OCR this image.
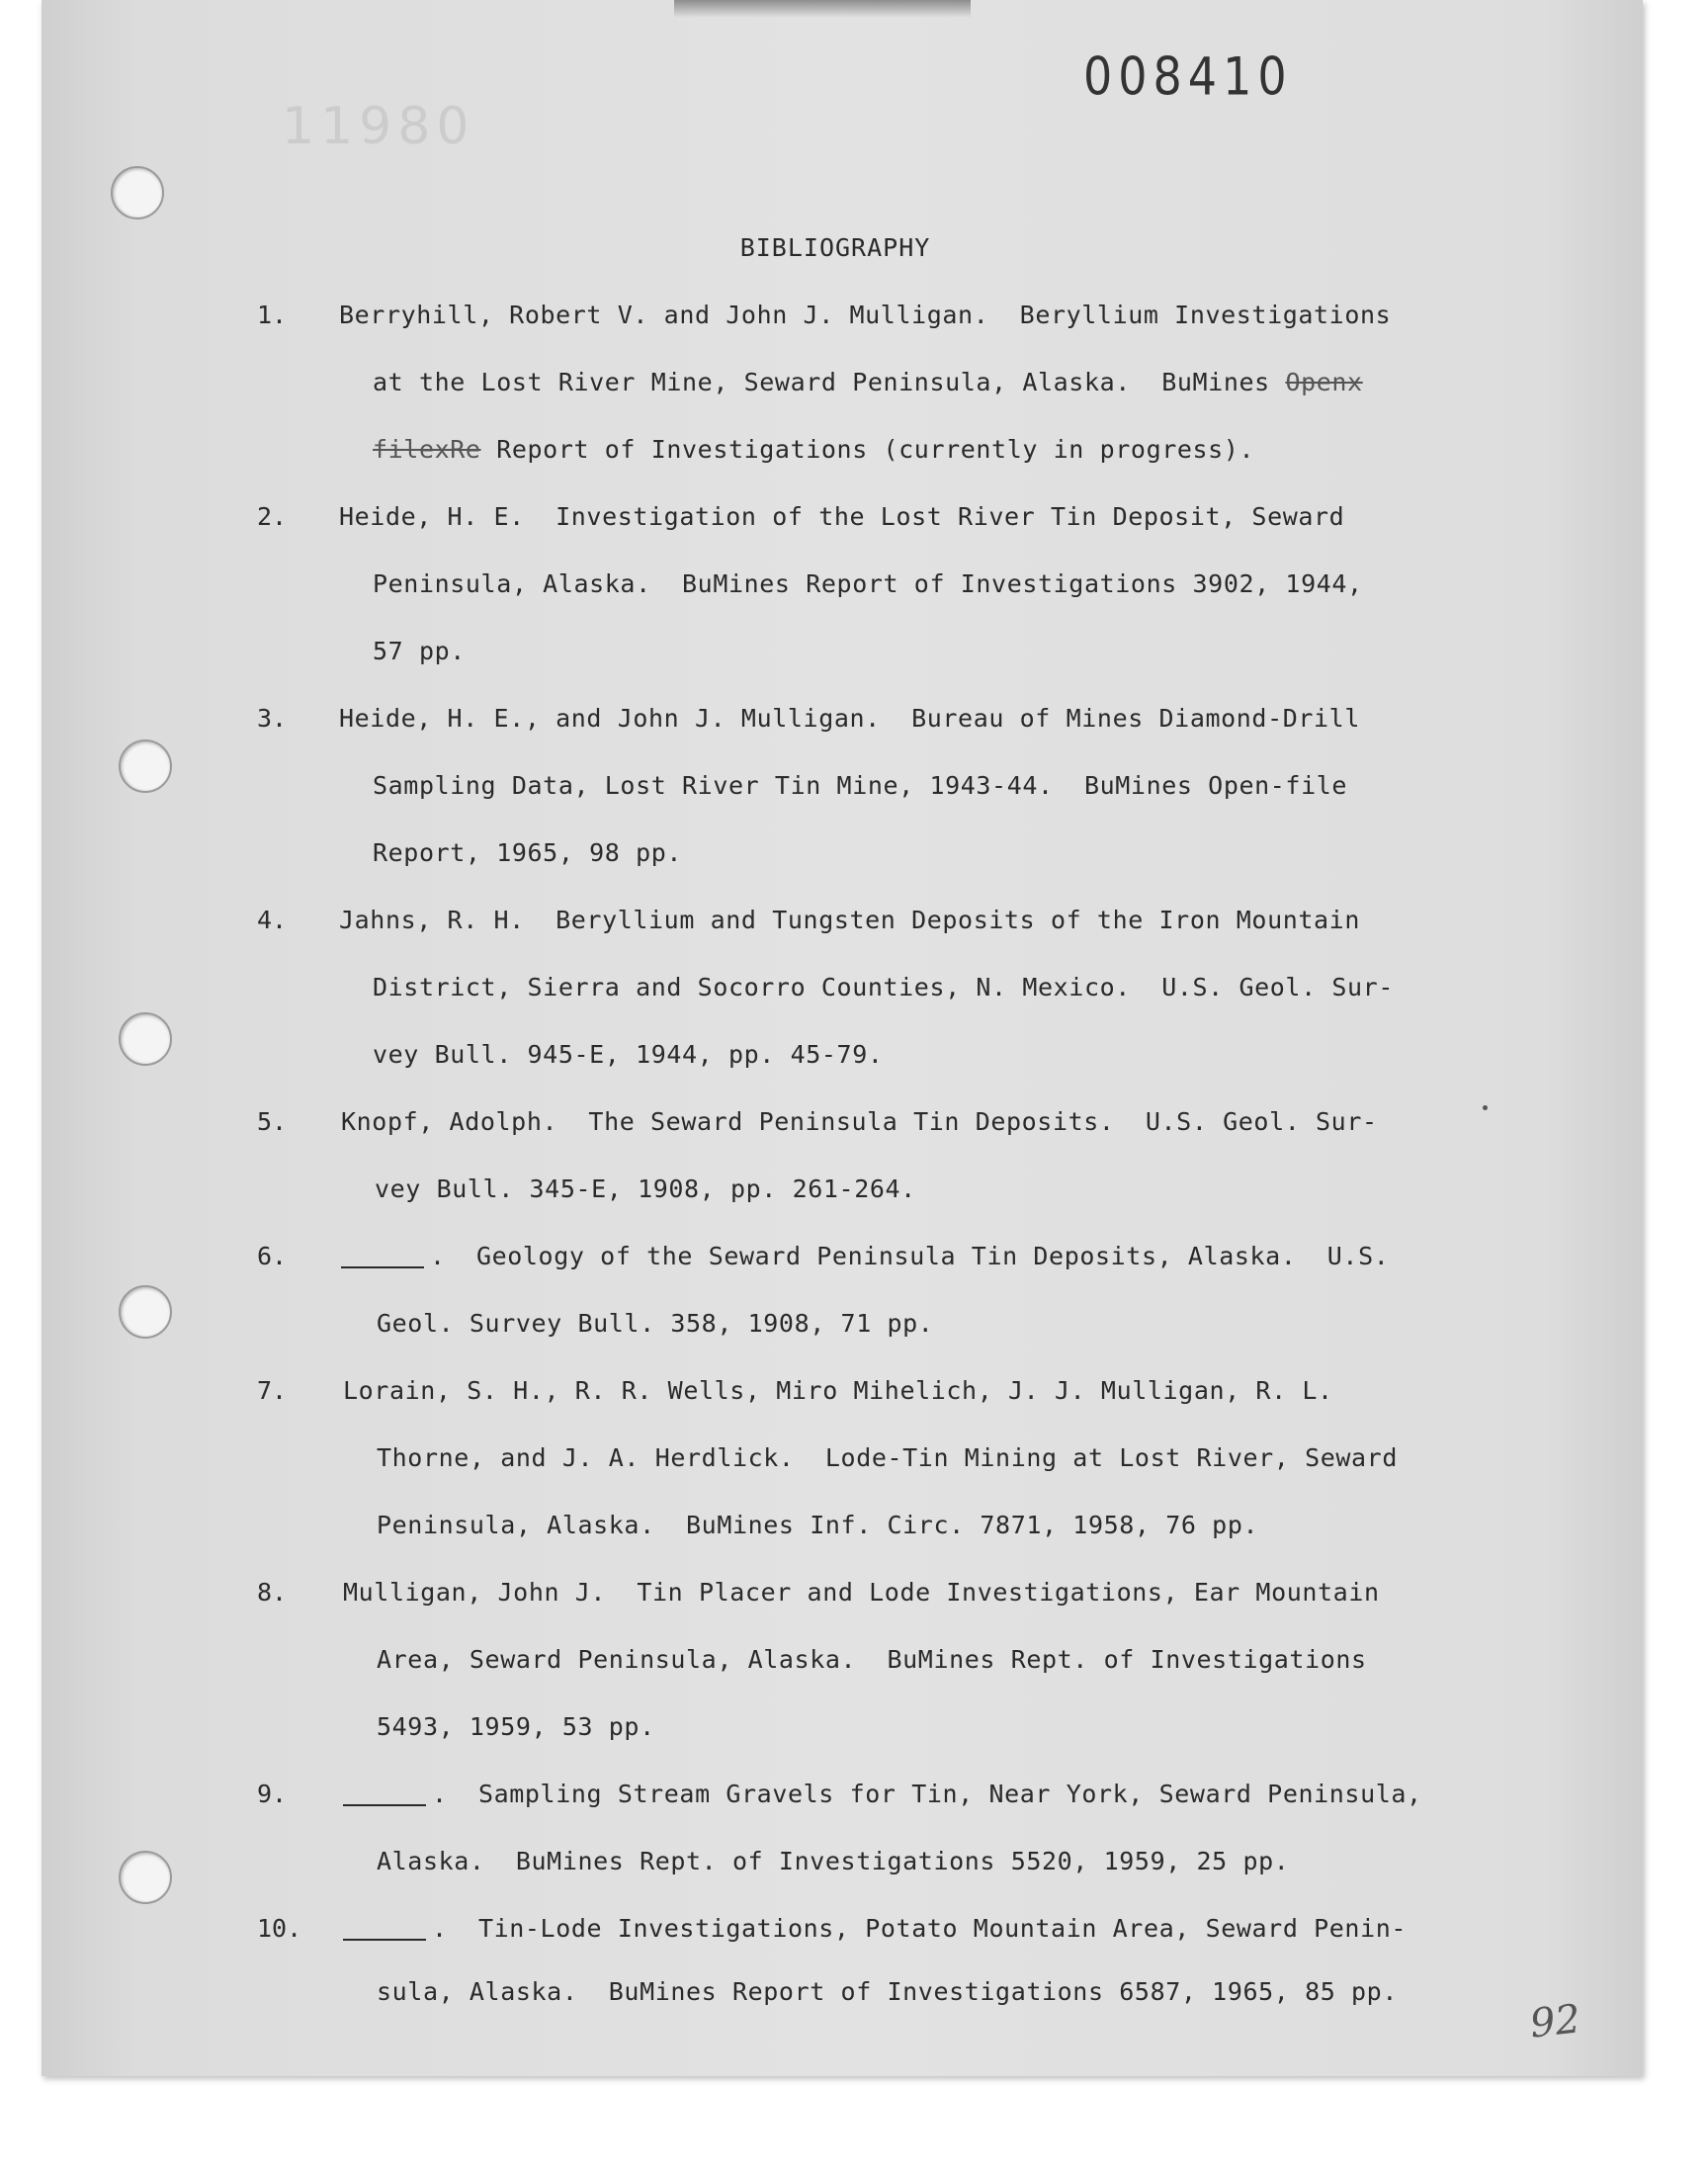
11980
008410
BIBLIOGRAPHY
1. Berryhill, Robert V. and John J. Mulligan.  Beryllium Investigations
at the Lost River Mine, Seward Peninsula, Alaska.  BuMines Openx
filexRe Report of Investigations (currently in progress).
2. Heide, H. E.  Investigation of the Lost River Tin Deposit, Seward
Peninsula, Alaska.  BuMines Report of Investigations 3902, 1944,
57 pp.
3. Heide, H. E., and John J. Mulligan.  Bureau of Mines Diamond-Drill
Sampling Data, Lost River Tin Mine, 1943-44.  BuMines Open-file
Report, 1965, 98 pp.
4. Jahns, R. H.  Beryllium and Tungsten Deposits of the Iron Mountain
District, Sierra and Socorro Counties, N. Mexico.  U.S. Geol. Sur-
vey Bull. 945-E, 1944, pp. 45-79.
5. Knopf, Adolph.  The Seward Peninsula Tin Deposits.  U.S. Geol. Sur-
vey Bull. 345-E, 1908, pp. 261-264.
6.	.  Geology of the Seward Peninsula Tin Deposits, Alaska.  U.S.
Geol. Survey Bull. 358, 1908, 71 pp.
7. Lorain, S. H., R. R. Wells, Miro Mihelich, J. J. Mulligan, R. L.
Thorne, and J. A. Herdlick.  Lode-Tin Mining at Lost River, Seward
Peninsula, Alaska.  BuMines Inf. Circ. 7871, 1958, 76 pp.
8. Mulligan, John J.  Tin Placer and Lode Investigations, Ear Mountain
Area, Seward Peninsula, Alaska.  BuMines Rept. of Investigations
5493, 1959, 53 pp.
9.	.  Sampling Stream Gravels for Tin, Near York, Seward Peninsula,
Alaska.  BuMines Rept. of Investigations 5520, 1959, 25 pp.
10.	.  Tin-Lode Investigations, Potato Mountain Area, Seward Penin-
sula, Alaska.  BuMines Report of Investigations 6587, 1965, 85 pp.
92
